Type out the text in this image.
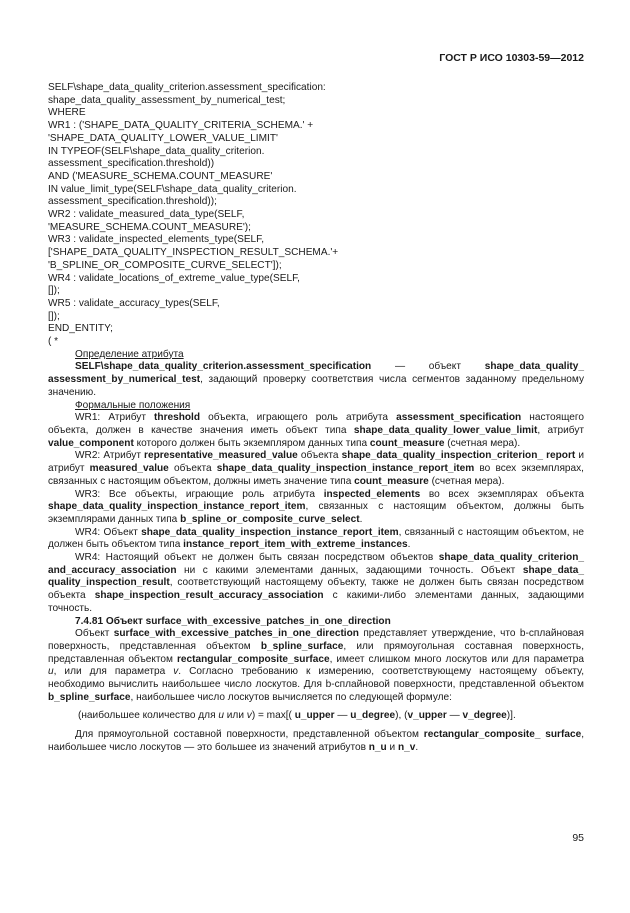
ГОСТ Р ИСО 10303-59—2012
SELF\shape_data_quality_criterion.assessment_specification:
shape_data_quality_assessment_by_numerical_test;
WHERE
WR1 : ('SHAPE_DATA_QUALITY_CRITERIA_SCHEMA.' +
'SHAPE_DATA_QUALITY_LOWER_VALUE_LIMIT'
IN TYPEOF(SELF\shape_data_quality_criterion.
assessment_specification.threshold))
AND ('MEASURE_SCHEMA.COUNT_MEASURE'
IN value_limit_type(SELF\shape_data_quality_criterion.
assessment_specification.threshold));
WR2 : validate_measured_data_type(SELF,
'MEASURE_SCHEMA.COUNT_MEASURE');
WR3 : validate_inspected_elements_type(SELF,
['SHAPE_DATA_QUALITY_INSPECTION_RESULT_SCHEMA.'+
'B_SPLINE_OR_COMPOSITE_CURVE_SELECT']);
WR4 : validate_locations_of_extreme_value_type(SELF,
[]);
WR5 : validate_accuracy_types(SELF,
[]);
END_ENTITY;
( *

Определение атрибута

SELF\shape_data_quality_criterion.assessment_specification — объект shape_data_quality_ assessment_by_numerical_test, задающий проверку соответствия числа сегментов заданному предельному значению.

Формальные положения

WR1: Атрибут threshold объекта, играющего роль атрибута assessment_specification настоящего объекта, должен в качестве значения иметь объект типа shape_data_quality_lower_value_limit, атрибут value_component которого должен быть экземпляром данных типа count_measure (счетная мера).

WR2: Атрибут representative_measured_value объекта shape_data_quality_inspection_criterion_ report и атрибут measured_value объекта shape_data_quality_inspection_instance_report_item во всех экземплярах, связанных с настоящим объектом, должны иметь значение типа count_measure (счетная мера).

WR3: Все объекты, играющие роль атрибута inspected_elements во всех экземплярах объекта shape_data_quality_inspection_instance_report_item, связанных с настоящим объектом, должны быть экземплярами данных типа b_spline_or_composite_curve_select.

WR4: Объект shape_data_quality_inspection_instance_report_item, связанный с настоящим объектом, не должен быть объектом типа instance_report_item_with_extreme_instances.

WR4: Настоящий объект не должен быть связан посредством объектов shape_data_quality_criterion_ and_accuracy_association ни с какими элементами данных, задающими точность. Объект shape_data_ quality_inspection_result, соответствующий настоящему объекту, также не должен быть связан посредством объекта shape_inspection_result_accuracy_association с какими-либо элементами данных, задающими точность.

7.4.81 Объект surface_with_excessive_patches_in_one_direction

Объект surface_with_excessive_patches_in_one_direction представляет утверждение, что b-сплайновая поверхность, представленная объектом b_spline_surface, или прямоугольная составная поверхность, представленная объектом rectangular_composite_surface, имеет слишком много лоскутов или для параметра u, или для параметра v. Согласно требованию к измерению, соответствующему настоящему объекту, необходимо вычислить наибольшее число лоскутов. Для b-сплайновой поверхности, представленной объектом b_spline_surface, наибольшее число лоскутов вычисляется по следующей формуле:

(наибольшее количество для u или v) = max[( u_upper — u_degree), (v_upper — v_degree)].

Для прямоугольной составной поверхности, представленной объектом rectangular_composite_ surface, наибольшее число лоскутов — это большее из значений атрибутов n_u и n_v.

95
